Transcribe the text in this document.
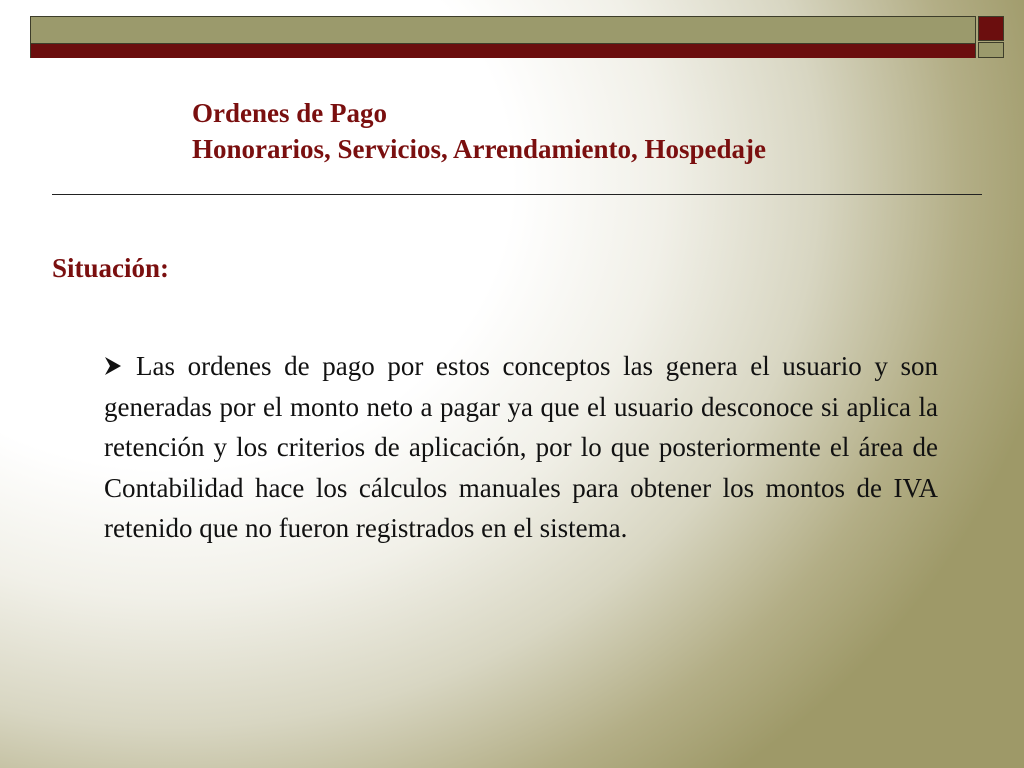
Ordenes de Pago
Honorarios, Servicios, Arrendamiento, Hospedaje
Situación:
Las ordenes de pago por estos conceptos las genera el usuario y son generadas por el monto neto a pagar ya que el usuario desconoce si aplica la retención y los criterios de aplicación, por lo que posteriormente el área de Contabilidad hace los cálculos manuales para obtener los montos de IVA retenido que no fueron registrados en el sistema.
